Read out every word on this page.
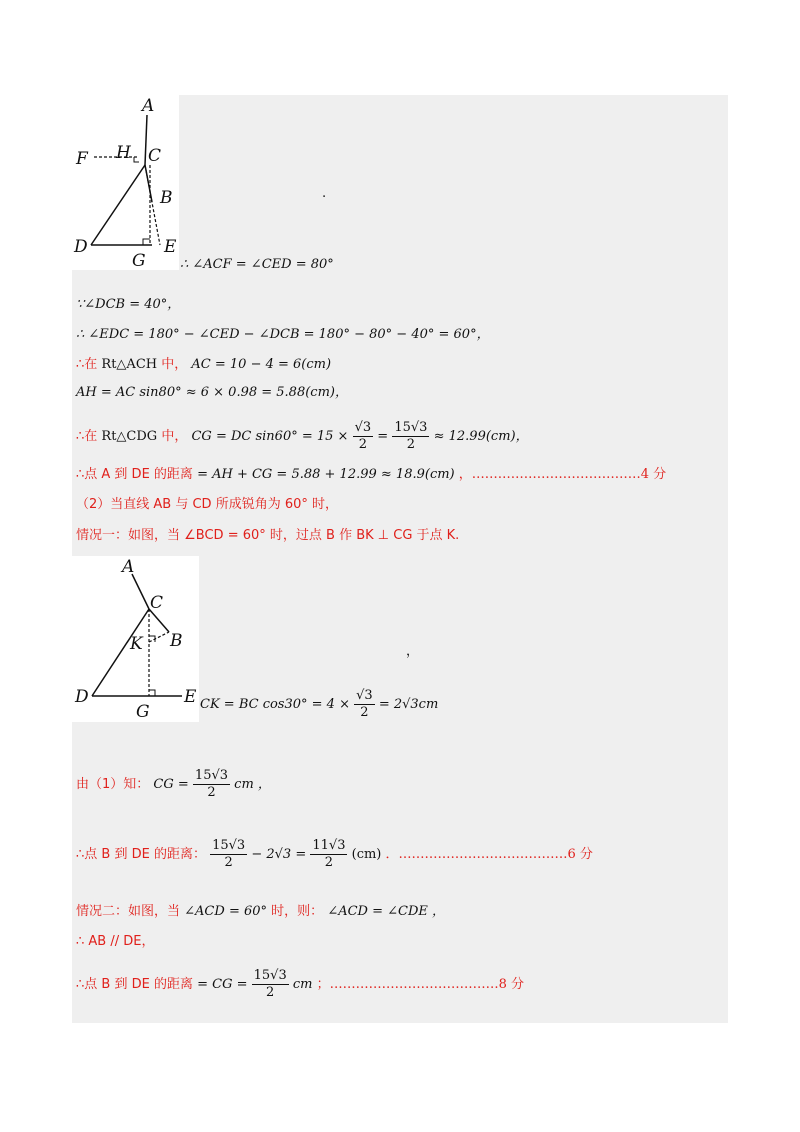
A
H C
F
B
D	E
G
.
∴ ∠ACF = ∠CED = 80°
∵∠DCB = 40°，
∴ ∠EDC = 180° − ∠CED − ∠DCB = 180° − 80° − 40° = 60°，
∴在 Rt△ACH 中， AC = 10 − 4 = 6(cm)
AH = AC sin80° ≈ 6 × 0.98 = 5.88(cm)，
∴在 Rt△CDG 中， CG = DC $\sin 60^\circ = 15 \times \frac{√3}{2} = \frac{15√3}{2} \approx 12.99(cm)$，
∴点 A 到 DE 的距离 = AH + CG = 5.88 + 12.99 ≈ 18.9(cm) ，…………………………………4 分
（2）当直线 AB 与 CD 所成锐角为 60° 时，
情况一：如图，当 ∠BCD = 60° 时，过点 B 作 BK ⊥ CG 于点 K.
A
C
K B
D	E
G
，
CK = BC $\cos 30^\circ = 4 \times \frac{√3}{2} = 2√3cm$
由（1）知： CG = $\frac{15√3}{2}$ cm ，
∴点 B 到 DE 的距离： $\frac{15√3}{2} - 2√3 = \frac{11√3}{2} (cm)$ ．…………………………………6 分
情况二：如图，当 ∠ACD = 60° 时，则： ∠ACD = ∠CDE ，
∴ AB // DE，
∴点 B 到 DE 的距离 = CG = $\frac{15√3}{2}$ cm ；…………………………………8 分
